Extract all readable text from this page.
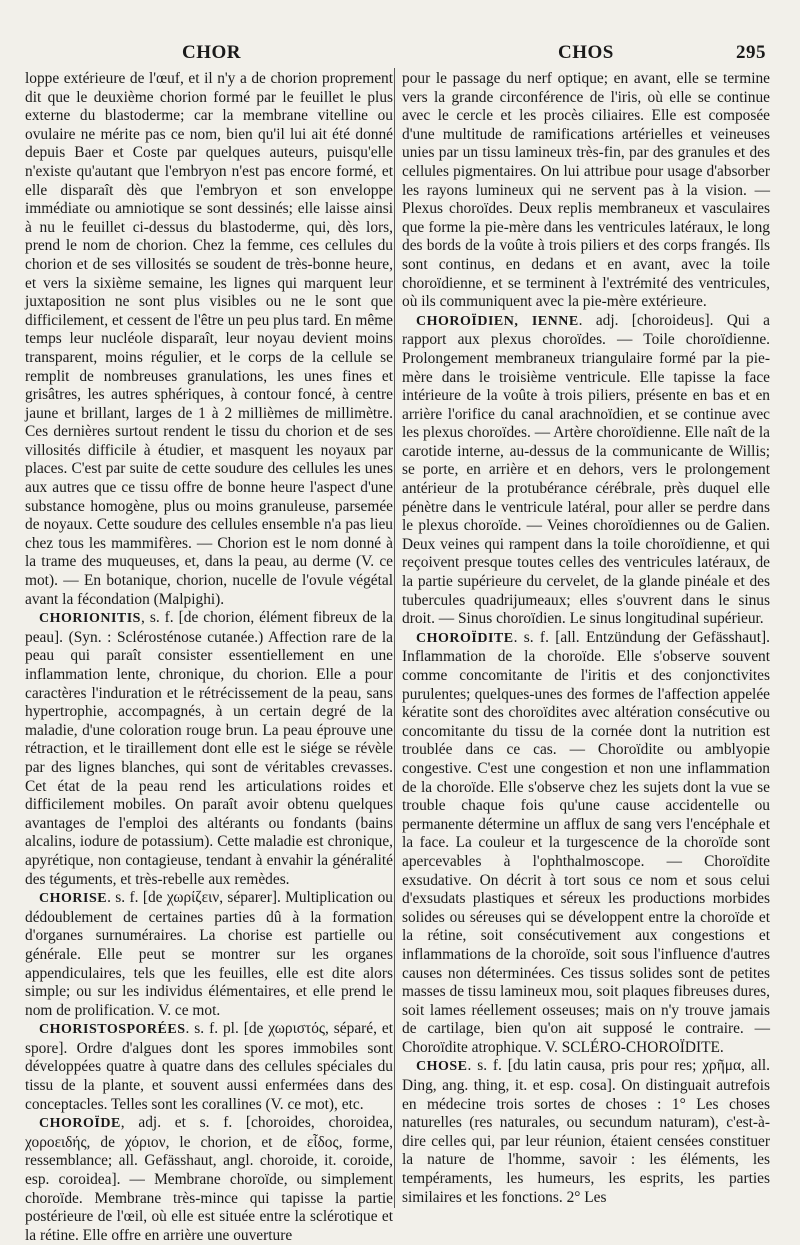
CHOR	CHOS	295

loppe extérieure de l'œuf, et il n'y a de chorion proprement dit que le deuxième chorion formé par le feuillet le plus externe du blastoderme; car la membrane vitelline ou ovulaire ne mérite pas ce nom, bien qu'il lui ait été donné depuis Baer et Coste par quelques auteurs, puisqu'elle n'existe qu'autant que l'embryon n'est pas encore formé, et elle disparaît dès que l'embryon et son enveloppe immédiate ou amniotique se sont dessinés; elle laisse ainsi à nu le feuillet ci-dessus du blastoderme, qui, dès lors, prend le nom de chorion. Chez la femme, ces cellules du chorion et de ses villosités se soudent de très-bonne heure, et vers la sixième semaine, les lignes qui marquent leur juxtaposition ne sont plus visibles ou ne le sont que difficilement, et cessent de l'être un peu plus tard. En même temps leur nucléole disparaît, leur noyau devient moins transparent, moins régulier, et le corps de la cellule se remplit de nombreuses granulations, les unes fines et grisâtres, les autres sphériques, à contour foncé, à centre jaune et brillant, larges de 1 à 2 millièmes de millimètre. Ces dernières surtout rendent le tissu du chorion et de ses villosités difficile à étudier, et masquent les noyaux par places. C'est par suite de cette soudure des cellules les unes aux autres que ce tissu offre de bonne heure l'aspect d'une substance homogène, plus ou moins granuleuse, parsemée de noyaux. Cette soudure des cellules ensemble n'a pas lieu chez tous les mammifères. — Chorion est le nom donné à la trame des muqueuses, et, dans la peau, au derme (V. ce mot). — En botanique, chorion, nucelle de l'ovule végétal avant la fécondation (Malpighi).

CHORIONITIS, s. f. [de chorion, élément fibreux de la peau]. (Syn. : Sclérosténose cutanée.) Affection rare de la peau qui paraît consister essentiellement en une inflammation lente, chronique, du chorion. Elle a pour caractères l'induration et le rétrécissement de la peau, sans hypertrophie, accompagnés, à un certain degré de la maladie, d'une coloration rouge brun. La peau éprouve une rétraction, et le tiraillement dont elle est le siége se révèle par des lignes blanches, qui sont de véritables crevasses. Cet état de la peau rend les articulations roides et difficilement mobiles. On paraît avoir obtenu quelques avantages de l'emploi des altérants ou fondants (bains alcalins, iodure de potassium). Cette maladie est chronique, apyrétique, non contagieuse, tendant à envahir la généralité des téguments, et très-rebelle aux remèdes.

CHORISE. s. f. [de χωρίζειν, séparer]. Multiplication ou dédoublement de certaines parties dû à la formation d'organes surnuméraires. La chorise est partielle ou générale. Elle peut se montrer sur les organes appendiculaires, tels que les feuilles, elle est dite alors simple; ou sur les individus élémentaires, et elle prend le nom de prolification. V. ce mot.

CHORISTOSPORÉES. s. f. pl. [de χωριστός, séparé, et spore]. Ordre d'algues dont les spores immobiles sont développées quatre à quatre dans des cellules spéciales du tissu de la plante, et souvent aussi enfermées dans des conceptacles. Telles sont les corallines (V. ce mot), etc.

CHOROÏDE, adj. et s. f. [choroides, choroidea, χοροειδής, de χόριον, le chorion, et de εἶδος, forme, ressemblance; all. Gefässhaut, angl. choroide, it. coroide, esp. coroidea]. — Membrane choroïde, ou simplement choroïde. Membrane très-mince qui tapisse la partie postérieure de l'œil, où elle est située entre la sclérotique et la rétine. Elle offre en arrière une ouverture

pour le passage du nerf optique; en avant, elle se termine vers la grande circonférence de l'iris, où elle se continue avec le cercle et les procès ciliaires. Elle est composée d'une multitude de ramifications artérielles et veineuses unies par un tissu lamineux très-fin, par des granules et des cellules pigmentaires. On lui attribue pour usage d'absorber les rayons lumineux qui ne servent pas à la vision. — Plexus choroïdes. Deux replis membraneux et vasculaires que forme la pie-mère dans les ventricules latéraux, le long des bords de la voûte à trois piliers et des corps frangés. Ils sont continus, en dedans et en avant, avec la toile choroïdienne, et se terminent à l'extrémité des ventricules, où ils communiquent avec la pie-mère extérieure.

CHOROÏDIEN, IENNE. adj. [choroideus]. Qui a rapport aux plexus choroïdes. — Toile choroïdienne. Prolongement membraneux triangulaire formé par la pie-mère dans le troisième ventricule. Elle tapisse la face intérieure de la voûte à trois piliers, présente en bas et en arrière l'orifice du canal arachnoïdien, et se continue avec les plexus choroïdes. — Artère choroïdienne. Elle naît de la carotide interne, au-dessus de la communicante de Willis; se porte, en arrière et en dehors, vers le prolongement antérieur de la protubérance cérébrale, près duquel elle pénètre dans le ventricule latéral, pour aller se perdre dans le plexus choroïde. — Veines choroïdiennes ou de Galien. Deux veines qui rampent dans la toile choroïdienne, et qui reçoivent presque toutes celles des ventricules latéraux, de la partie supérieure du cervelet, de la glande pinéale et des tubercules quadrijumeaux; elles s'ouvrent dans le sinus droit. — Sinus choroïdien. Le sinus longitudinal supérieur.

CHOROÏDITE. s. f. [all. Entzündung der Gefässhaut]. Inflammation de la choroïde. Elle s'observe souvent comme concomitante de l'iritis et des conjonctivites purulentes; quelques-unes des formes de l'affection appelée kératite sont des choroïdites avec altération consécutive ou concomitante du tissu de la cornée dont la nutrition est troublée dans ce cas. — Choroïdite ou amblyopie congestive. C'est une congestion et non une inflammation de la choroïde. Elle s'observe chez les sujets dont la vue se trouble chaque fois qu'une cause accidentelle ou permanente détermine un afflux de sang vers l'encéphale et la face. La couleur et la turgescence de la choroïde sont apercevables à l'ophthalmoscope. — Choroïdite exsudative. On décrit à tort sous ce nom et sous celui d'exsudats plastiques et séreux les productions morbides solides ou séreuses qui se développent entre la choroïde et la rétine, soit consécutivement aux congestions et inflammations de la choroïde, soit sous l'influence d'autres causes non déterminées. Ces tissus solides sont de petites masses de tissu lamineux mou, soit plaques fibreuses dures, soit lames réellement osseuses; mais on n'y trouve jamais de cartilage, bien qu'on ait supposé le contraire. — Choroïdite atrophique. V. SCLÉRO-CHOROÏDITE.

CHOSE. s. f. [du latin causa, pris pour res; χρῆμα, all. Ding, ang. thing, it. et esp. cosa]. On distinguait autrefois en médecine trois sortes de choses : 1° Les choses naturelles (res naturales, ou secundum naturam), c'est-à-dire celles qui, par leur réunion, étaient censées constituer la nature de l'homme, savoir : les éléments, les tempéraments, les humeurs, les esprits, les parties similaires et les fonctions. 2° Les
